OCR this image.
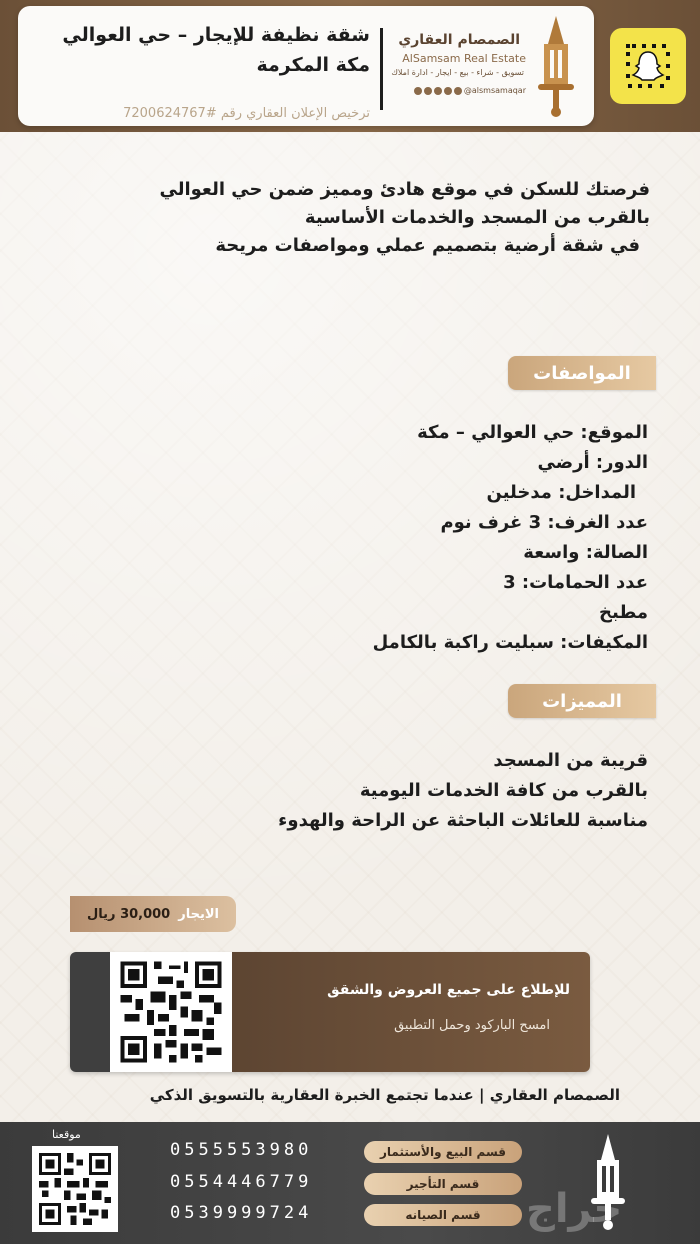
شقة نظيفة للإيجار – حي العوالي
مكة المكرمة
ترخيص الإعلان العقاري رقم #7200624767
الصمصام العقاري
AlSamsam Real Estate
تسويق - شراء - بيع - ايجار - ادارة املاك
@alsmsamaqar
فرصتك للسكن في موقع هادئ ومميز ضمن حي العوالي
بالقرب من المسجد والخدمات الأساسية
في شقة أرضية بتصميم عملي ومواصفات مريحة
المواصفات
الموقع: حي العوالي – مكة
الدور: أرضي
المداخل: مدخلين
عدد الغرف: 3 غرف نوم
الصالة: واسعة
عدد الحمامات: 3
مطبخ
المكيفات: سبليت راكبة بالكامل
المميزات
قريبة من المسجد
بالقرب من كافة الخدمات اليومية
مناسبة للعائلات الباحثة عن الراحة والهدوء
الايجار
30,000 ريال
للإطلاع على جميع العروض والشقق
امسح الباركود وحمل التطبيق
الصمصام العقاري | عندما تجتمع الخبرة العقارية بالتسويق الذكي
حراج
قسم البيع والأستثمار
0555553980
قسم التأجير
0554446779
قسم الصيانه
0539999724
موقعنا
